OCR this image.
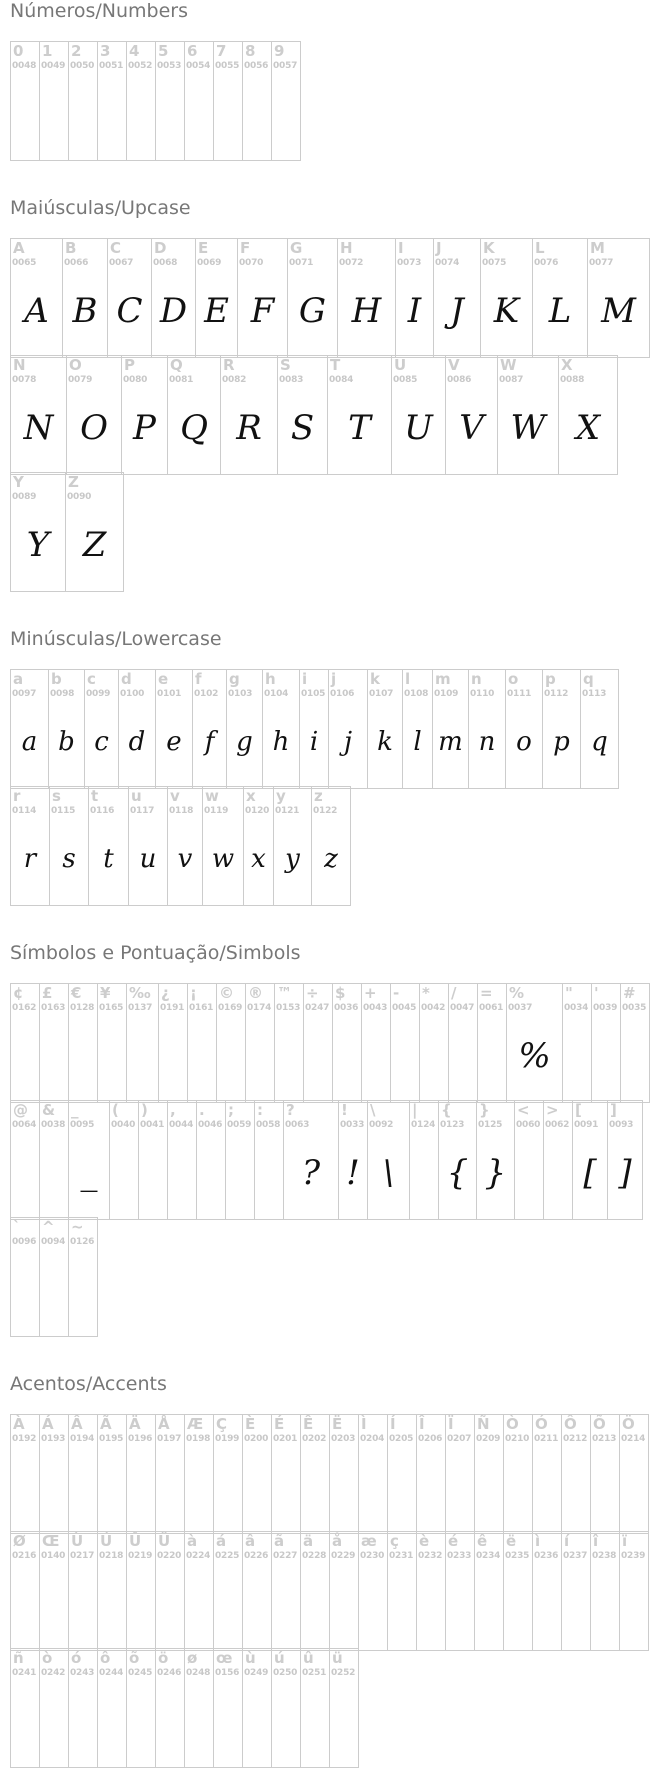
Números/Numbers
0
0048
1
0049
2
0050
3
0051
4
0052
5
0053
6
0054
7
0055
8
0056
9
0057
Maiúsculas/Upcase
A
0065
A
B
0066
B
C
0067
C
D
0068
D
E
0069
E
F
0070
F
G
0071
G
H
0072
H
I
0073
I
J
0074
J
K
0075
K
L
0076
L
M
0077
M
N
0078
N
O
0079
O
P
0080
P
Q
0081
Q
R
0082
R
S
0083
S
T
0084
T
U
0085
U
V
0086
V
W
0087
W
X
0088
X
Y
0089
Y
Z
0090
Z
Minúsculas/Lowercase
a
0097
a
b
0098
b
c
0099
c
d
0100
d
e
0101
e
f
0102
f
g
0103
g
h
0104
h
i
0105
i
j
0106
j
k
0107
k
l
0108
l
m
0109
m
n
0110
n
o
0111
o
p
0112
p
q
0113
q
r
0114
r
s
0115
s
t
0116
t
u
0117
u
v
0118
v
w
0119
w
x
0120
x
y
0121
y
z
0122
z
Símbolos e Pontuação/Simbols
¢
0162
£
0163
€
0128
¥
0165
‰
0137
¿
0191
¡
0161
©
0169
®
0174
™
0153
÷
0247
$
0036
+
0043
-
0045
*
0042
/
0047
=
0061
%
0037
%
"
0034
'
0039
#
0035
@
0064
&
0038
_
0095
_
(
0040
)
0041
,
0044
.
0046
;
0059
:
0058
?
0063
?
!
0033
!
\
0092
\
|
0124
{
0123
{
}
0125
}
<
0060
>
0062
[
0091
[
]
0093
]
`
0096
^
0094
~
0126
Acentos/Accents
À
0192
Á
0193
Â
0194
Ã
0195
Ä
0196
Å
0197
Æ
0198
Ç
0199
È
0200
É
0201
Ê
0202
Ë
0203
Ì
0204
Í
0205
Î
0206
Ï
0207
Ñ
0209
Ò
0210
Ó
0211
Ô
0212
Õ
0213
Ö
0214
Ø
0216
Œ
0140
Ù
0217
Ú
0218
Û
0219
Ü
0220
à
0224
á
0225
â
0226
ã
0227
ä
0228
å
0229
æ
0230
ç
0231
è
0232
é
0233
ê
0234
ë
0235
ì
0236
í
0237
î
0238
ï
0239
ñ
0241
ò
0242
ó
0243
ô
0244
õ
0245
ö
0246
ø
0248
œ
0156
ù
0249
ú
0250
û
0251
ü
0252
